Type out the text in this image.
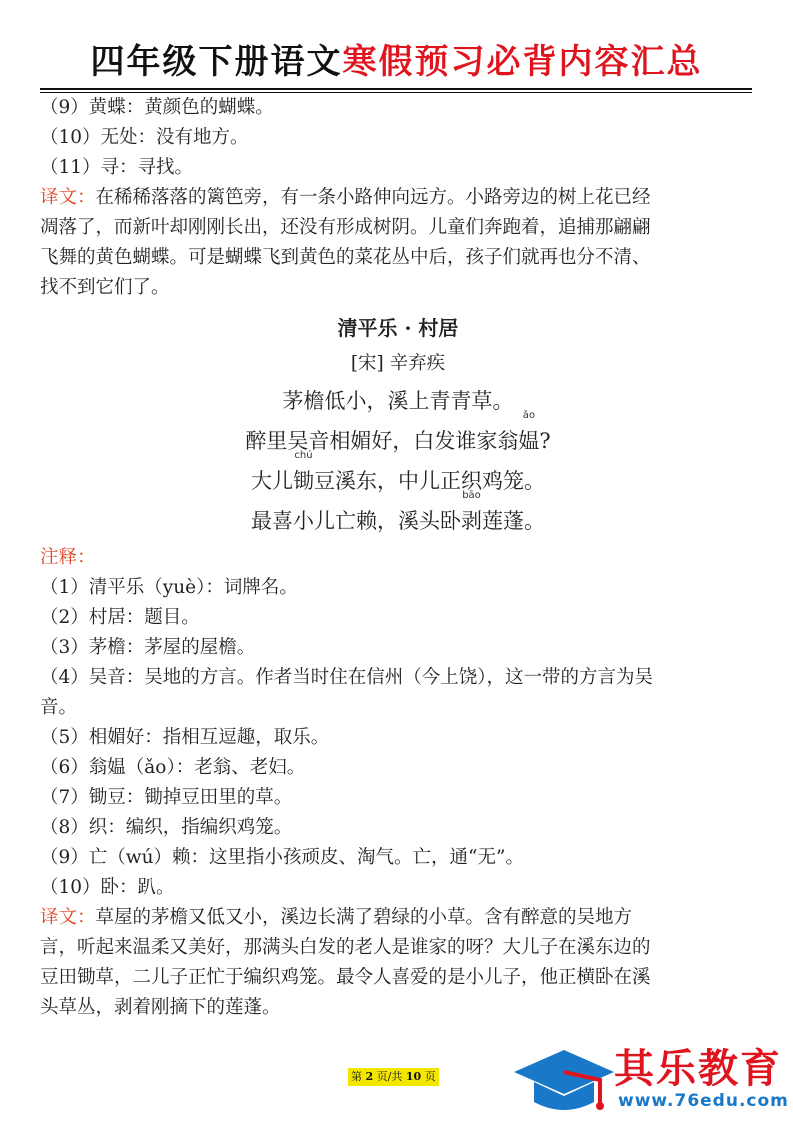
四年级下册语文寒假预习必背内容汇总
（9）黄蝶：黄颜色的蝴蝶。
（10）无处：没有地方。
（11）寻：寻找。
译文：在稀稀落落的篱笆旁，有一条小路伸向远方。小路旁边的树上花已经
凋落了，而新叶却刚刚长出，还没有形成树阴。儿童们奔跑着，追捕那翩翩
飞舞的黄色蝴蝶。可是蝴蝶飞到黄色的菜花丛中后，孩子们就再也分不清、
找不到它们了。
清平乐 · 村居
[宋] 辛弃疾
茅檐低小，溪上青青草。
醉里吴音相媚好，白发谁家翁
ǎo
媪?
大儿
chú
锄豆溪东，中儿正织鸡笼。
最喜小儿亡赖，溪头卧
bāo
剥莲蓬。
注释：
（1）清平乐（yuè）：词牌名。
（2）村居：题目。
（3）茅檐：茅屋的屋檐。
（4）吴音：吴地的方言。作者当时住在信州（今上饶），这一带的方言为吴
音。
（5）相媚好：指相互逗趣，取乐。
（6）翁媪（ǎo）：老翁、老妇。
（7）锄豆：锄掉豆田里的草。
（8）织：编织，指编织鸡笼。
（9）亡（wú）赖：这里指小孩顽皮、淘气。亡，通“无”。
（10）卧：趴。
译文：草屋的茅檐又低又小，溪边长满了碧绿的小草。含有醉意的吴地方
言，听起来温柔又美好，那满头白发的老人是谁家的呀？大儿子在溪东边的
豆田锄草，二儿子正忙于编织鸡笼。最令人喜爱的是小儿子，他正横卧在溪
头草丛，剥着刚摘下的莲蓬。
第 2 页/共 10 页	其乐教育
www.76edu.com
